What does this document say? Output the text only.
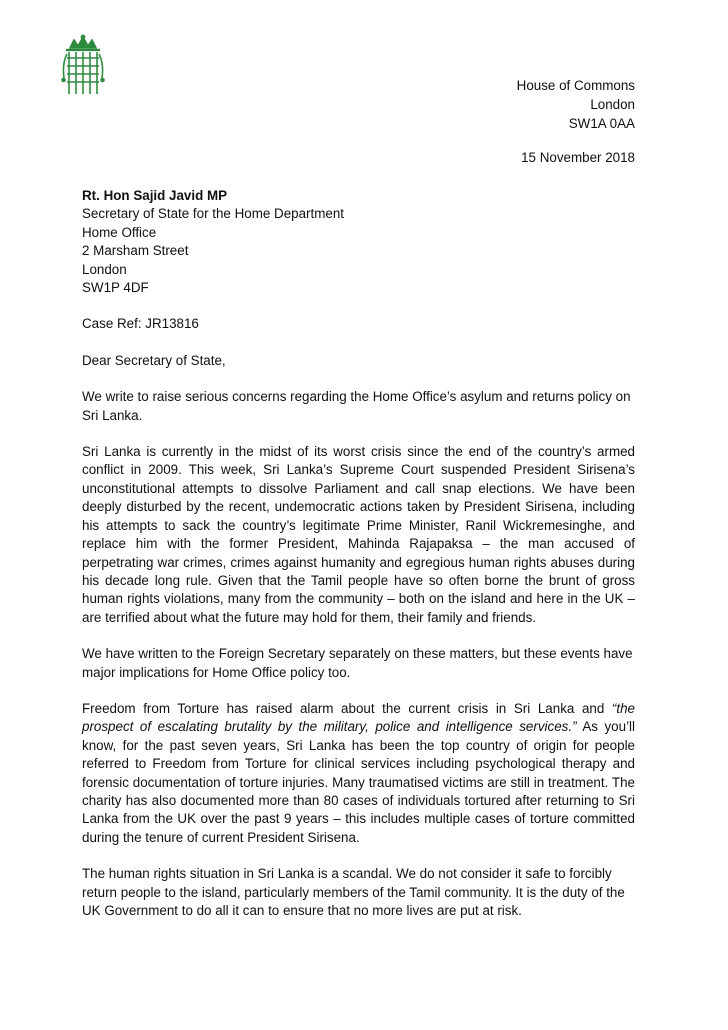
House of Commons
London
SW1A 0AA
15 November 2018

Rt. Hon Sajid Javid MP
Secretary of State for the Home Department
Home Office
2 Marsham Street
London
SW1P 4DF

Case Ref: JR13816

Dear Secretary of State,

We write to raise serious concerns regarding the Home Office’s asylum and returns policy on Sri Lanka.

Sri Lanka is currently in the midst of its worst crisis since the end of the country’s armed conflict in 2009. This week, Sri Lanka’s Supreme Court suspended President Sirisena’s unconstitutional attempts to dissolve Parliament and call snap elections. We have been deeply disturbed by the recent, undemocratic actions taken by President Sirisena, including his attempts to sack the country’s legitimate Prime Minister, Ranil Wickremesinghe, and replace him with the former President, Mahinda Rajapaksa – the man accused of perpetrating war crimes, crimes against humanity and egregious human rights abuses during his decade long rule. Given that the Tamil people have so often borne the brunt of gross human rights violations, many from the community – both on the island and here in the UK – are terrified about what the future may hold for them, their family and friends.

We have written to the Foreign Secretary separately on these matters, but these events have major implications for Home Office policy too.

Freedom from Torture has raised alarm about the current crisis in Sri Lanka and “the prospect of escalating brutality by the military, police and intelligence services.” As you’ll know, for the past seven years, Sri Lanka has been the top country of origin for people referred to Freedom from Torture for clinical services including psychological therapy and forensic documentation of torture injuries. Many traumatised victims are still in treatment. The charity has also documented more than 80 cases of individuals tortured after returning to Sri Lanka from the UK over the past 9 years – this includes multiple cases of torture committed during the tenure of current President Sirisena.

The human rights situation in Sri Lanka is a scandal. We do not consider it safe to forcibly return people to the island, particularly members of the Tamil community. It is the duty of the UK Government to do all it can to ensure that no more lives are put at risk.
